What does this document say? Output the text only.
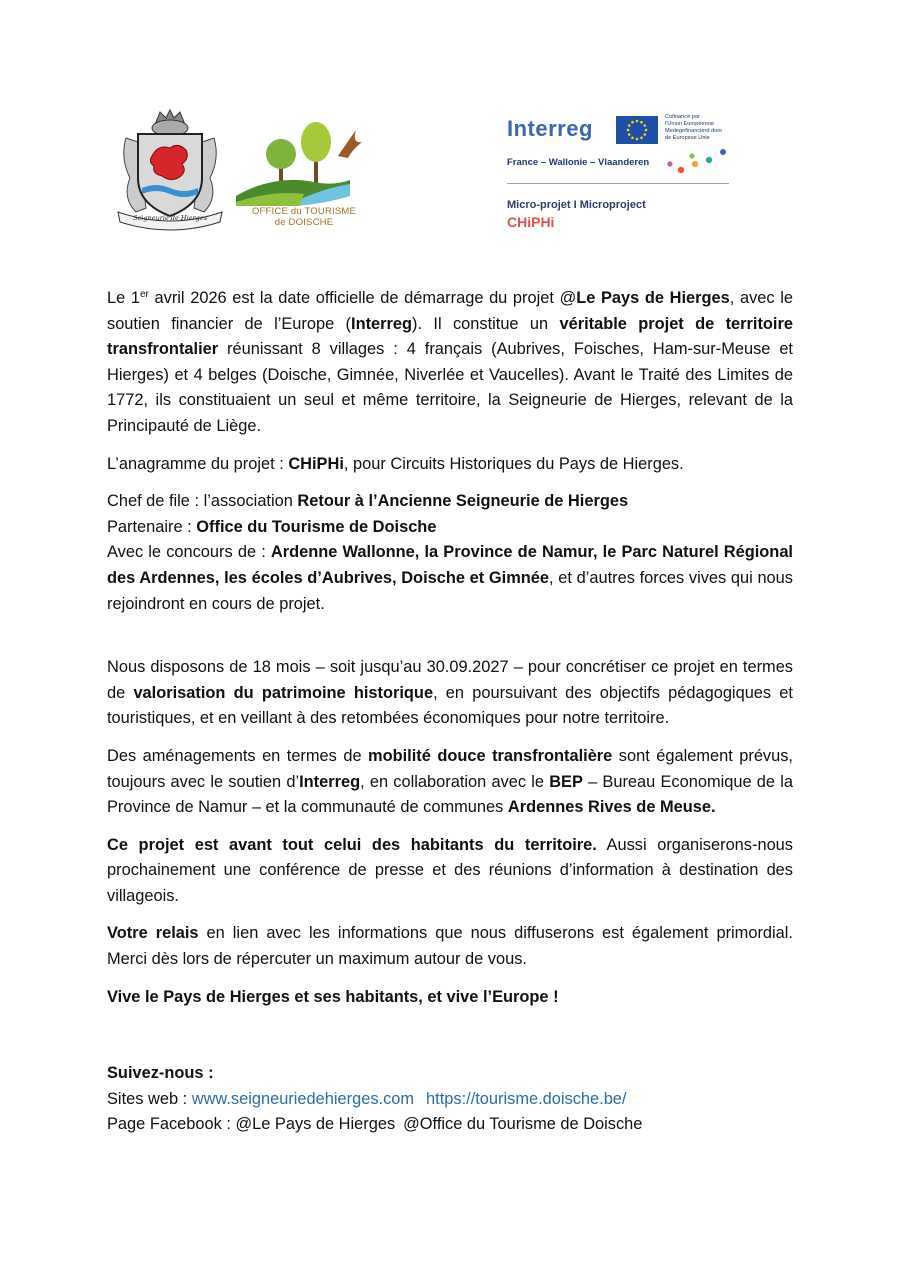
Seigneurie de Hierges
OFFICE du TOURISME
de DOISCHE
Interreg	Cofinancé par
l'Union Européenne
Medegefinancierd door
de Europese Unie
France – Wallonie – Vlaanderen
Micro-projet I Microproject
CHiPHi

Le 1er avril 2026 est la date officielle de démarrage du projet @Le Pays de Hierges, avec le soutien financier de l’Europe (Interreg). Il constitue un véritable projet de territoire transfrontalier réunissant 8 villages : 4 français (Aubrives, Foisches, Ham-sur-Meuse et Hierges) et 4 belges (Doische, Gimnée, Niverlée et Vaucelles). Avant le Traité des Limites de 1772, ils constituaient un seul et même territoire, la Seigneurie de Hierges, relevant de la Principauté de Liège.

L’anagramme du projet : CHiPHi, pour Circuits Historiques du Pays de Hierges.

Chef de file : l’association Retour à l’Ancienne Seigneurie de Hierges

Partenaire : Office du Tourisme de Doische

Avec le concours de : Ardenne Wallonne, la Province de Namur, le Parc Naturel Régional des Ardennes, les écoles d’Aubrives, Doische et Gimnée, et d’autres forces vives qui nous rejoindront en cours de projet.

Nous disposons de 18 mois – soit jusqu’au 30.09.2027 – pour concrétiser ce projet en termes de valorisation du patrimoine historique, en poursuivant des objectifs pédagogiques et touristiques, et en veillant à des retombées économiques pour notre territoire.

Des aménagements en termes de mobilité douce transfrontalière sont également prévus, toujours avec le soutien d’Interreg, en collaboration avec le BEP – Bureau Economique de la Province de Namur – et la communauté de communes Ardennes Rives de Meuse.

Ce projet est avant tout celui des habitants du territoire. Aussi organiserons-nous prochainement une conférence de presse et des réunions d’information à destination des villageois.

Votre relais en lien avec les informations que nous diffuserons est également primordial. Merci dès lors de répercuter un maximum autour de vous.

Vive le Pays de Hierges et ses habitants, et vive l’Europe !

Suivez-nous :

Sites web : www.seigneuriedehierges.com https://tourisme.doische.be/

Page Facebook : @Le Pays de Hierges @Office du Tourisme de Doische
